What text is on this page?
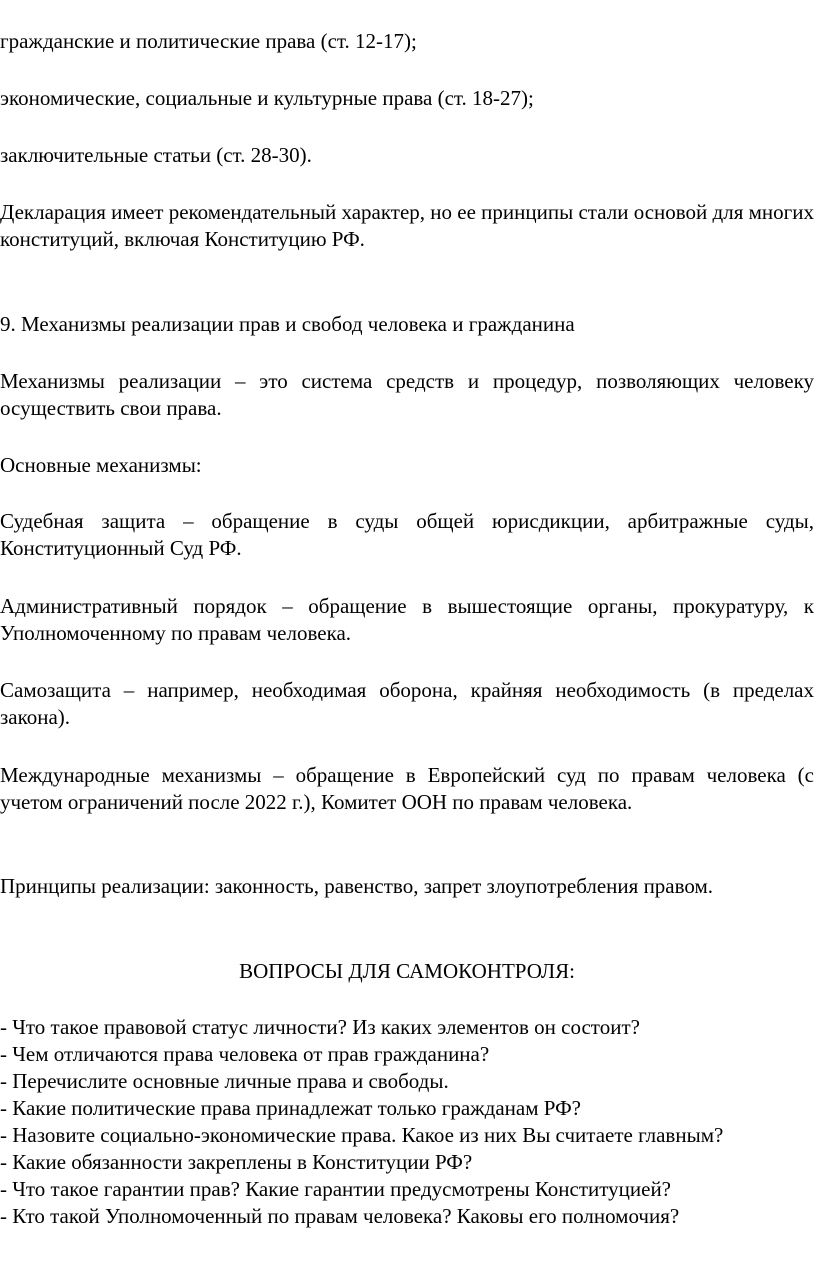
гражданские и политические права (ст. 12-17);

экономические, социальные и культурные права (ст. 18-27);

заключительные статьи (ст. 28-30).

Декларация имеет рекомендательный характер, но ее принципы стали основой для многих конституций, включая Конституцию РФ.

9. Механизмы реализации прав и свобод человека и гражданина

Механизмы реализации – это система средств и процедур, позволяющих человеку осуществить свои права.

Основные механизмы:

Судебная защита – обращение в суды общей юрисдикции, арбитражные суды, Конституционный Суд РФ.

Административный порядок – обращение в вышестоящие органы, прокуратуру, к Уполномоченному по правам человека.

Самозащита – например, необходимая оборона, крайняя необходимость (в пределах закона).

Международные механизмы – обращение в Европейский суд по правам человека (с учетом ограничений после 2022 г.), Комитет ООН по правам человека.

Принципы реализации: законность, равенство, запрет злоупотребления правом.

ВОПРОСЫ ДЛЯ САМОКОНТРОЛЯ:

- Что такое правовой статус личности? Из каких элементов он состоит?
- Чем отличаются права человека от прав гражданина?
- Перечислите основные личные права и свободы.
- Какие политические права принадлежат только гражданам РФ?
- Назовите социально-экономические права. Какое из них Вы считаете главным?
- Какие обязанности закреплены в Конституции РФ?
- Что такое гарантии прав? Какие гарантии предусмотрены Конституцией?
- Кто такой Уполномоченный по правам человека? Каковы его полномочия?
